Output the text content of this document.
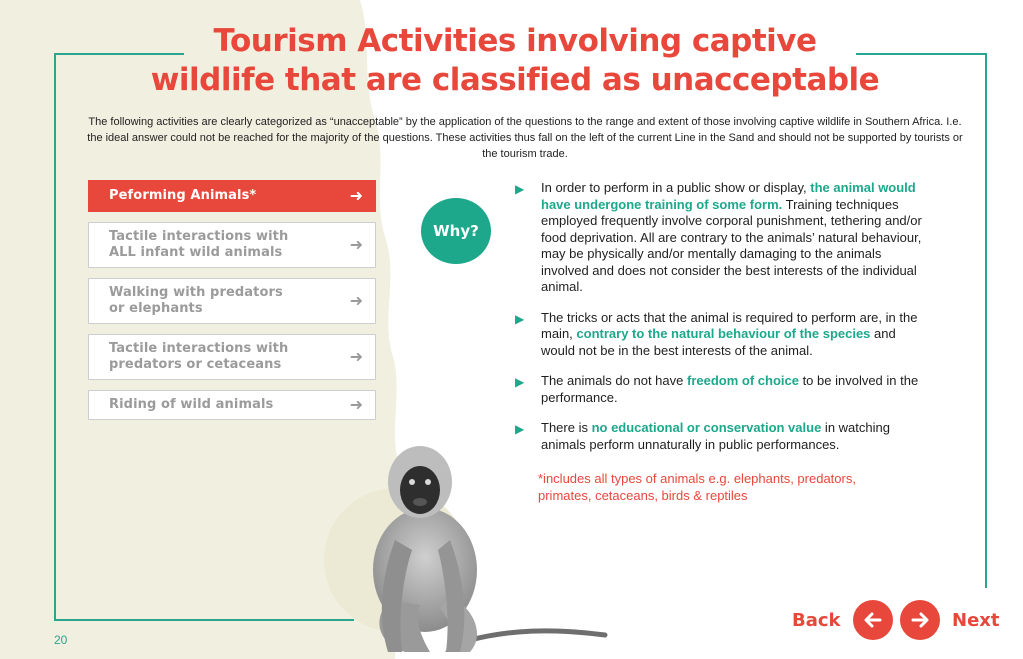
Tourism Activities involving captive
wildlife that are classified as unacceptable

The following activities are clearly categorized as “unacceptable” by the application of the questions to the range and extent of those involving captive wildlife in Southern Africa. I.e. the ideal answer could not be reached for the majority of the questions. These activities thus fall on the left of the current Line in the Sand and should not be supported by tourists or the tourism trade.

Peforming Animals*	➜
Tactile interactions with
ALL infant wild animals	➜
Walking with predators
or elephants	➜
Tactile interactions with
predators or cetaceans	➜
Riding of wild animals	➜
Why?
▶ In order to perform in a public show or display, the animal would have undergone training of some form. Training techniques employed frequently involve corporal punishment, tethering and/or food deprivation. All are contrary to the animals’ natural behaviour, may be physically and/or mentally damaging to the animals involved and does not consider the best interests of the individual animal.
▶ The tricks or acts that the animal is required to perform are, in the main, contrary to the natural behaviour of the species and would not be in the best interests of the animal.
▶ The animals do not have freedom of choice to be involved in the performance.
▶ There is no educational or conservation value in watching animals perform unnaturally in public performances.

*includes all types of animals e.g. elephants, predators, primates, cetaceans, birds & reptiles

20
Back	Next
